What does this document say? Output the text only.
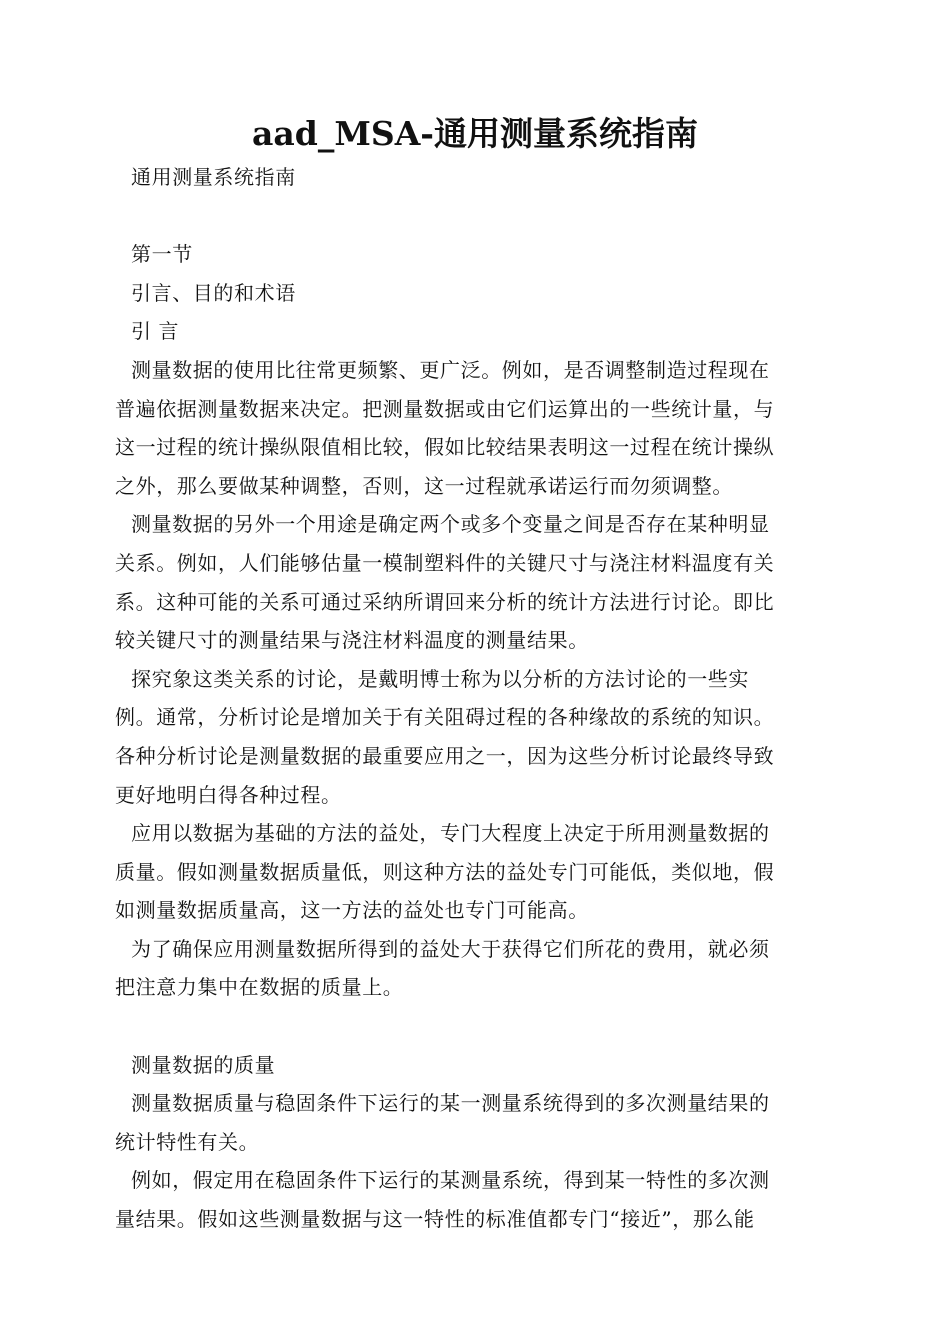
aad_MSA-通用测量系统指南
通用测量系统指南
第一节
引言、目的和术语
引 言
测量数据的使用比往常更频繁、更广泛。例如，是否调整制造过程现在
普遍依据测量数据来决定。把测量数据或由它们运算出的一些统计量，与
这一过程的统计操纵限值相比较，假如比较结果表明这一过程在统计操纵
之外，那么要做某种调整，否则，这一过程就承诺运行而勿须调整。
测量数据的另外一个用途是确定两个或多个变量之间是否存在某种明显
关系。例如，人们能够估量一模制塑料件的关键尺寸与浇注材料温度有关
系。这种可能的关系可通过采纳所谓回来分析的统计方法进行讨论。即比
较关键尺寸的测量结果与浇注材料温度的测量结果。
探究象这类关系的讨论，是戴明博士称为以分析的方法讨论的一些实
例。通常，分析讨论是增加关于有关阻碍过程的各种缘故的系统的知识。
各种分析讨论是测量数据的最重要应用之一，因为这些分析讨论最终导致
更好地明白得各种过程。
应用以数据为基础的方法的益处，专门大程度上决定于所用测量数据的
质量。假如测量数据质量低，则这种方法的益处专门可能低，类似地，假
如测量数据质量高，这一方法的益处也专门可能高。
为了确保应用测量数据所得到的益处大于获得它们所花的费用，就必须
把注意力集中在数据的质量上。
测量数据的质量
测量数据质量与稳固条件下运行的某一测量系统得到的多次测量结果的
统计特性有关。
例如，假定用在稳固条件下运行的某测量系统，得到某一特性的多次测
量结果。假如这些测量数据与这一特性的标准值都专门“接近”，那么能
